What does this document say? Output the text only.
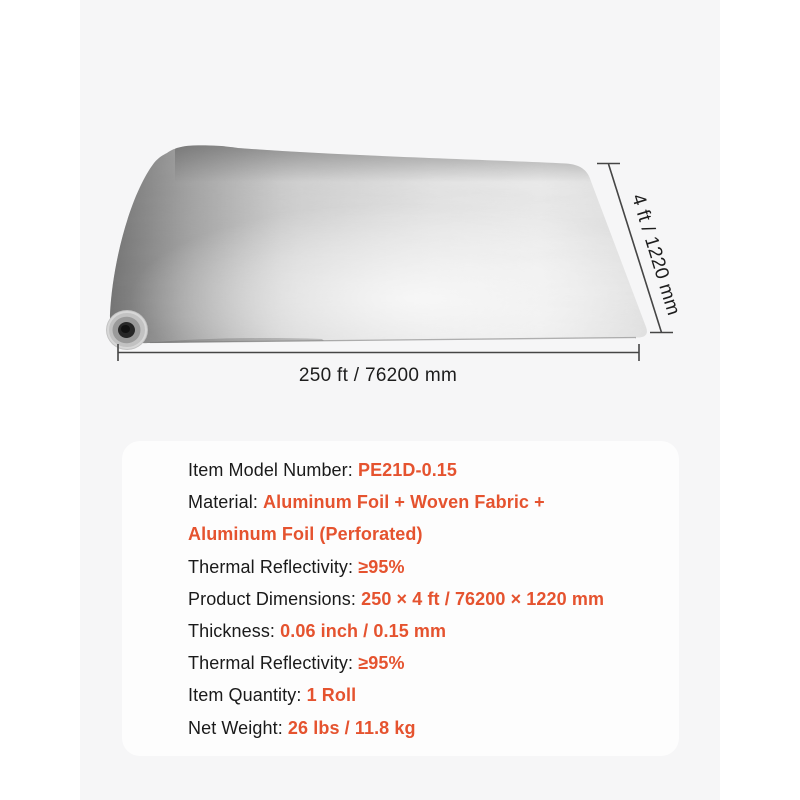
250 ft / 76200 mm
4 ft / 1220 mm

Item Model Number: PE21D-0.15

Material: Aluminum Foil + Woven Fabric + Aluminum Foil (Perforated)

Thermal Reflectivity: ≥95%

Product Dimensions: 250 × 4 ft / 76200 × 1220 mm

Thickness: 0.06 inch / 0.15 mm

Thermal Reflectivity: ≥95%

Item Quantity: 1 Roll

Net Weight: 26 lbs / 11.8 kg
